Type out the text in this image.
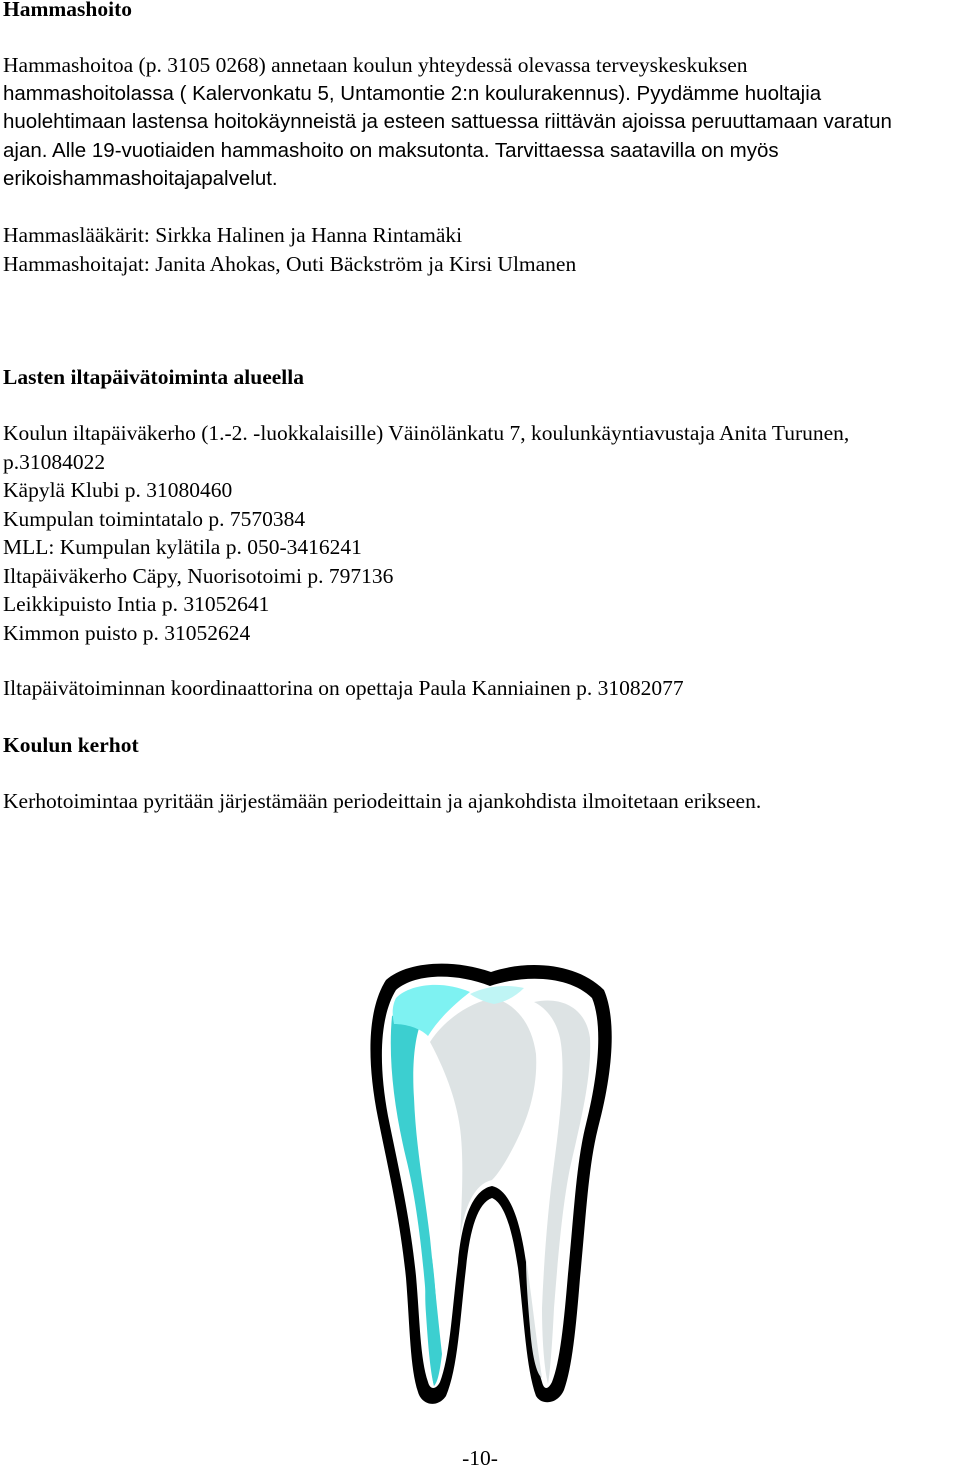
Hammashoito
Hammashoitoa (p. 3105 0268) annetaan koulun yhteydessä olevassa terveyskeskuksen
hammashoitolassa ( Kalervonkatu 5, Untamontie 2:n koulurakennus). Pyydämme huoltajia
huolehtimaan lastensa hoitokäynneistä ja esteen sattuessa riittävän ajoissa peruuttamaan varatun
ajan. Alle 19-vuotiaiden hammashoito on maksutonta. Tarvittaessa saatavilla on myös
erikoishammashoitajapalvelut.
Hammaslääkärit: Sirkka Halinen ja Hanna Rintamäki
Hammashoitajat: Janita Ahokas, Outi Bäckström ja Kirsi Ulmanen
Lasten iltapäivätoiminta alueella
Koulun iltapäiväkerho (1.-2. -luokkalaisille) Väinölänkatu 7, koulunkäyntiavustaja Anita Turunen,
p.31084022
Käpylä Klubi p. 31080460
Kumpulan toimintatalo p. 7570384
MLL: Kumpulan kylätila p. 050-3416241
Iltapäiväkerho Cäpy, Nuorisotoimi p. 797136
Leikkipuisto Intia p. 31052641
Kimmon puisto p. 31052624

Iltapäivätoiminnan koordinaattorina on opettaja Paula Kanniainen p. 31082077

Koulun kerhot

Kerhotoimintaa pyritään järjestämään periodeittain ja ajankohdista ilmoitetaan erikseen.

-10-
